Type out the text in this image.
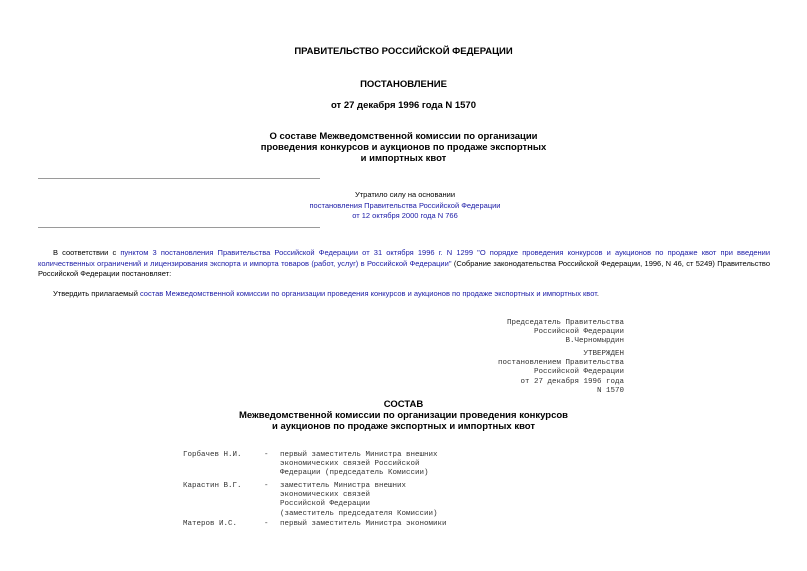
ПРАВИТЕЛЬСТВО РОССИЙСКОЙ ФЕДЕРАЦИИ
ПОСТАНОВЛЕНИЕ
от 27 декабря 1996 года N 1570
О составе Межведомственной комиссии по организации
проведения конкурсов и аукционов по продаже экспортных
и импортных квот
Утратило силу на основании
постановления Правительства Российской Федерации
от 12 октября 2000 года N 766
В соответствии с пунктом 3 постановления Правительства Российской Федерации от 31 октября 1996 г. N 1299 "О порядке проведения конкурсов и аукционов по продаже квот при введении количественных ограничений и лицензирования экспорта и импорта товаров (работ, услуг) в Российской Федерации" (Собрание законодательства Российской Федерации, 1996, N 46, ст 5249) Правительство Российской Федерации постановляет:
Утвердить прилагаемый состав Межведомственной комиссии по организации проведения конкурсов и аукционов по продаже экспортных и импортных квот.
Председатель Правительства
Российской Федерации
В.Черномырдин
УТВЕРЖДЕН
постановлением Правительства
Российской Федерации
от 27 декабря 1996 года
N 1570
СОСТАВ
Межведомственной комиссии по организации проведения конкурсов
и аукционов по продаже экспортных и импортных квот
Горбачев Н.И.	- первый заместитель Министра внешних
экономических связей Российской
Федерации (председатель Комиссии)
Карастин В.Г.	- заместитель Министра внешних
экономических связей
Российской Федерации
(заместитель председателя Комиссии)
Матеров И.С.	- первый заместитель Министра экономики
